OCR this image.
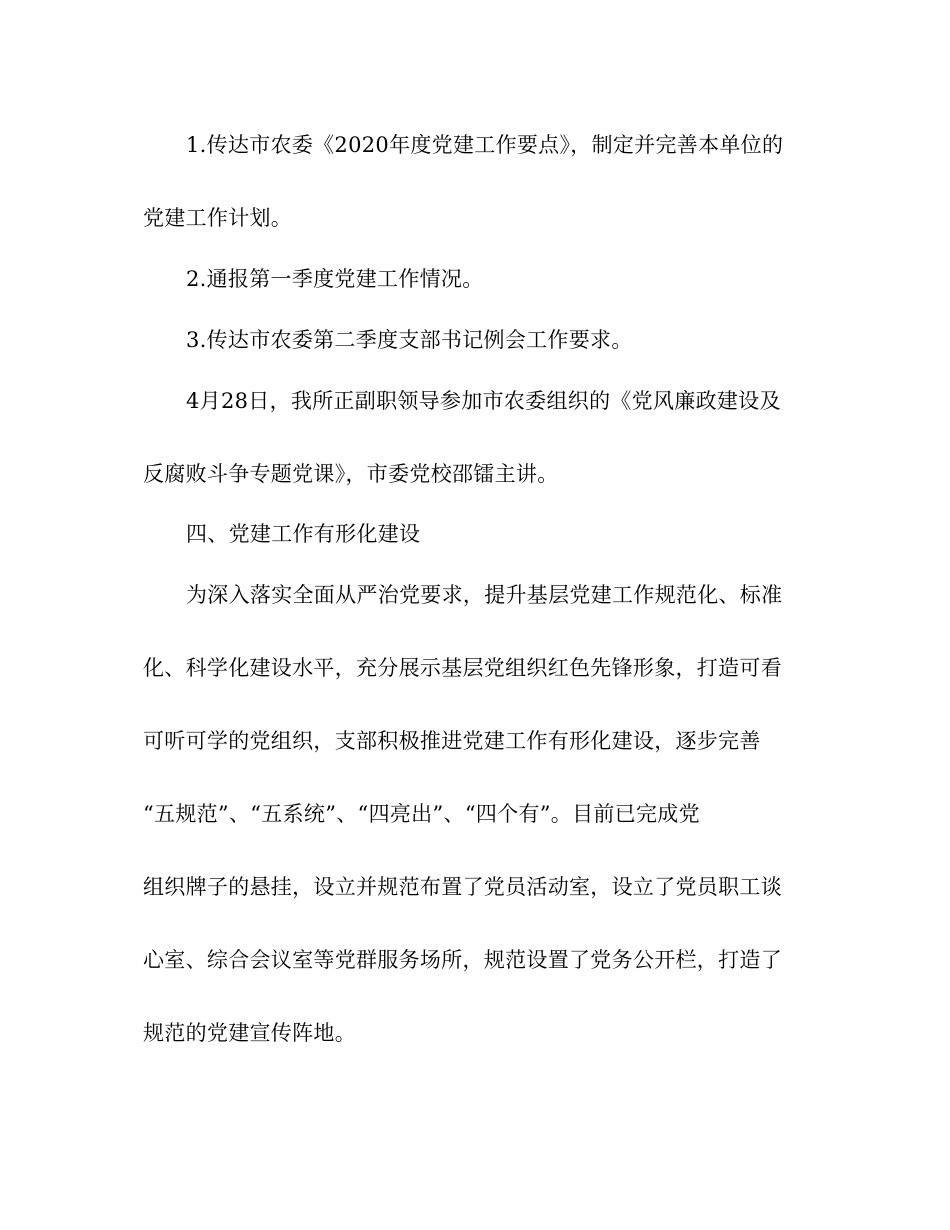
1.传达市农委《2020年度党建工作要点》，制定并完善本单位的
党建工作计划。
2.通报第一季度党建工作情况。
3.传达市农委第二季度支部书记例会工作要求。
4月28日，我所正副职领导参加市农委组织的《党风廉政建设及
反腐败斗争专题党课》，市委党校邵镭主讲。
四、党建工作有形化建设
为深入落实全面从严治党要求，提升基层党建工作规范化、标准
化、科学化建设水平，充分展示基层党组织红色先锋形象，打造可看
可听可学的党组织，支部积极推进党建工作有形化建设，逐步完善
“五规范”、“五系统”、“四亮出”、“四个有”。目前已完成党
组织牌子的悬挂，设立并规范布置了党员活动室，设立了党员职工谈
心室、综合会议室等党群服务场所，规范设置了党务公开栏，打造了
规范的党建宣传阵地。
